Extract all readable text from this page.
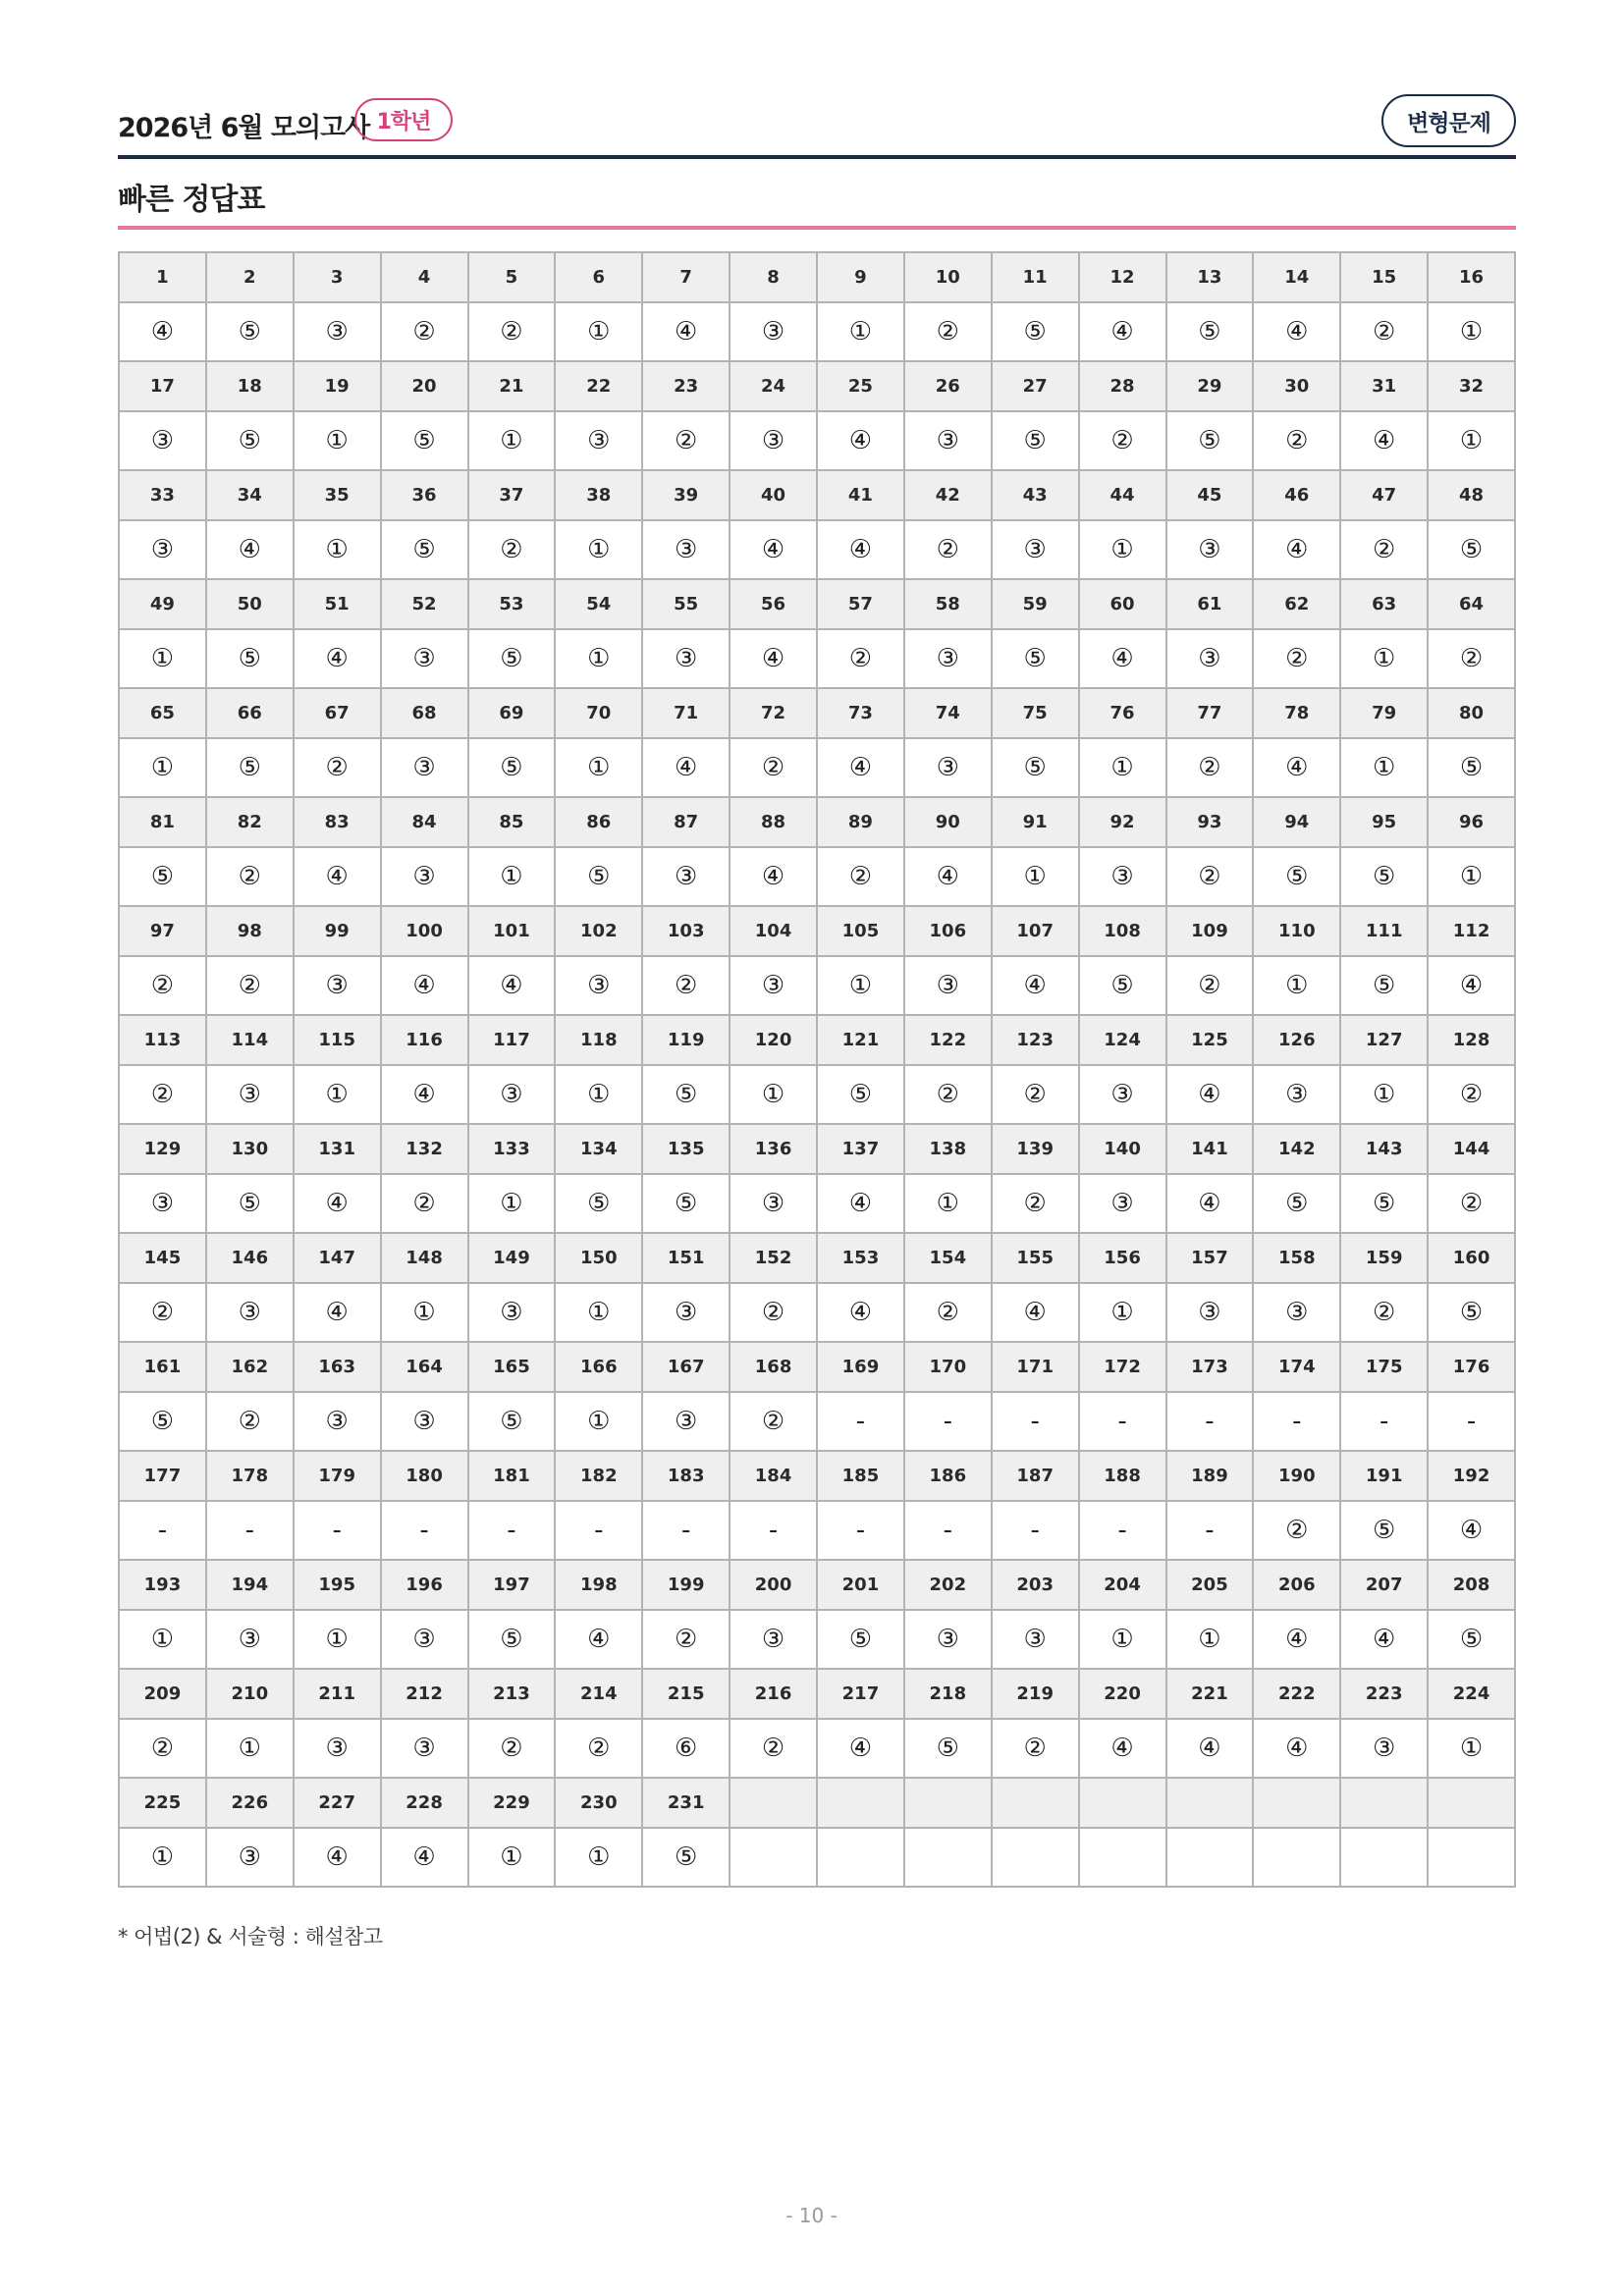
2026년 6월 모의고사 1학년	변형문제
빠른 정답표
1	2	3	4	5	6	7	8	9	10	11	12	13	14	15	16
④	⑤	③	②	②	①	④	③	①	②	⑤	④	⑤	④	②	①
17	18	19	20	21	22	23	24	25	26	27	28	29	30	31	32
③	⑤	①	⑤	①	③	②	③	④	③	⑤	②	⑤	②	④	①
33	34	35	36	37	38	39	40	41	42	43	44	45	46	47	48
③	④	①	⑤	②	①	③	④	④	②	③	①	③	④	②	⑤
49	50	51	52	53	54	55	56	57	58	59	60	61	62	63	64
①	⑤	④	③	⑤	①	③	④	②	③	⑤	④	③	②	①	②
65	66	67	68	69	70	71	72	73	74	75	76	77	78	79	80
①	⑤	②	③	⑤	①	④	②	④	③	⑤	①	②	④	①	⑤
81	82	83	84	85	86	87	88	89	90	91	92	93	94	95	96
⑤	②	④	③	①	⑤	③	④	②	④	①	③	②	⑤	⑤	①
97	98	99	100	101	102	103	104	105	106	107	108	109	110	111	112
②	②	③	④	④	③	②	③	①	③	④	⑤	②	①	⑤	④
113	114	115	116	117	118	119	120	121	122	123	124	125	126	127	128
②	③	①	④	③	①	⑤	①	⑤	②	②	③	④	③	①	②
129	130	131	132	133	134	135	136	137	138	139	140	141	142	143	144
③	⑤	④	②	①	⑤	⑤	③	④	①	②	③	④	⑤	⑤	②
145	146	147	148	149	150	151	152	153	154	155	156	157	158	159	160
②	③	④	①	③	①	③	②	④	②	④	①	③	③	②	⑤
161	162	163	164	165	166	167	168	169	170	171	172	173	174	175	176
⑤	②	③	③	⑤	①	③	②	-	-	-	-	-	-	-	-
177	178	179	180	181	182	183	184	185	186	187	188	189	190	191	192
-	-	-	-	-	-	-	-	-	-	-	-	-	②	⑤	④
193	194	195	196	197	198	199	200	201	202	203	204	205	206	207	208
①	③	①	③	⑤	④	②	③	⑤	③	③	①	①	④	④	⑤
209	210	211	212	213	214	215	216	217	218	219	220	221	222	223	224
②	①	③	③	②	②	⑥	②	④	⑤	②	④	④	④	③	①
225	226	227	228	229	230	231									
①	③	④	④	①	①	⑤									
* 어법(2) & 서술형 : 해설참고
- 10 -
